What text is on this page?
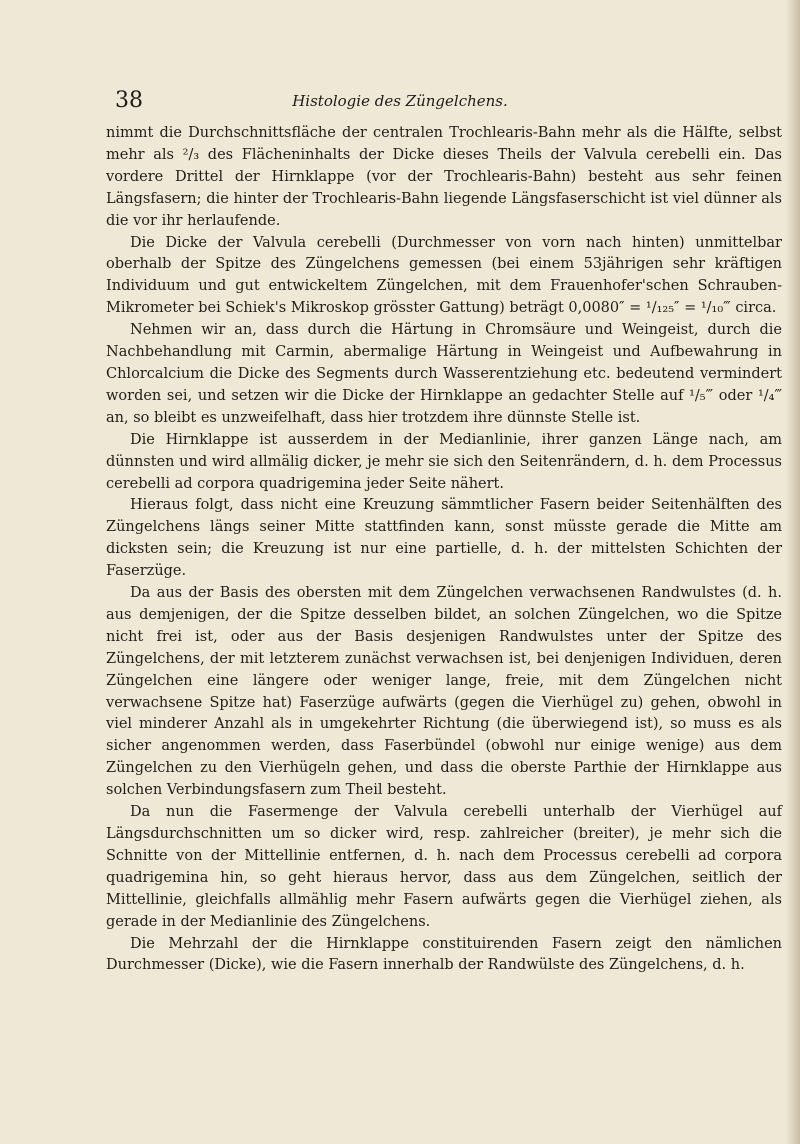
38	Histologie des Züngelchens.

nimmt die Durchschnittsfläche der centralen Trochlearis-Bahn mehr als die Hälfte, selbst mehr als ²/₃ des Flächeninhalts der Dicke dieses Theils der Valvula cerebelli ein. Das vordere Drittel der Hirnklappe (vor der Trochlearis-Bahn) besteht aus sehr feinen Längsfasern; die hinter der Trochlearis-Bahn liegende Längsfaserschicht ist viel dünner als die vor ihr herlaufende.

Die Dicke der Valvula cerebelli (Durchmesser von vorn nach hinten) unmittelbar oberhalb der Spitze des Züngelchens gemessen (bei einem 53jährigen sehr kräftigen Individuum und gut entwickeltem Züngelchen, mit dem Frauenhofer'schen Schrauben-Mikrometer bei Schiek's Mikroskop grösster Gattung) beträgt 0,0080″ = ¹/₁₂₅″ = ¹/₁₀‴ circa.

Nehmen wir an, dass durch die Härtung in Chromsäure und Weingeist, durch die Nachbehandlung mit Carmin, abermalige Härtung in Weingeist und Aufbewahrung in Chlorcalcium die Dicke des Segments durch Wasserentziehung etc. bedeutend vermindert worden sei, und setzen wir die Dicke der Hirnklappe an gedachter Stelle auf ¹/₅‴ oder ¹/₄‴ an, so bleibt es unzweifelhaft, dass hier trotzdem ihre dünnste Stelle ist.

Die Hirnklappe ist ausserdem in der Medianlinie, ihrer ganzen Länge nach, am dünnsten und wird allmälig dicker, je mehr sie sich den Seitenrändern, d. h. dem Processus cerebelli ad corpora quadrigemina jeder Seite nähert.

Hieraus folgt, dass nicht eine Kreuzung sämmtlicher Fasern beider Seitenhälften des Züngelchens längs seiner Mitte stattfinden kann, sonst müsste gerade die Mitte am dicksten sein; die Kreuzung ist nur eine partielle, d. h. der mittelsten Schichten der Faserzüge.

Da aus der Basis des obersten mit dem Züngelchen verwachsenen Randwulstes (d. h. aus demjenigen, der die Spitze desselben bildet, an solchen Züngelchen, wo die Spitze nicht frei ist, oder aus der Basis desjenigen Randwulstes unter der Spitze des Züngelchens, der mit letzterem zunächst verwachsen ist, bei denjenigen Individuen, deren Züngelchen eine längere oder weniger lange, freie, mit dem Züngelchen nicht verwachsene Spitze hat) Faserzüge aufwärts (gegen die Vierhügel zu) gehen, obwohl in viel minderer Anzahl als in umgekehrter Richtung (die überwiegend ist), so muss es als sicher angenommen werden, dass Faserbündel (obwohl nur einige wenige) aus dem Züngelchen zu den Vierhügeln gehen, und dass die oberste Parthie der Hirnklappe aus solchen Verbindungsfasern zum Theil besteht.

Da nun die Fasermenge der Valvula cerebelli unterhalb der Vierhügel auf Längsdurchschnitten um so dicker wird, resp. zahlreicher (breiter), je mehr sich die Schnitte von der Mittellinie entfernen, d. h. nach dem Processus cerebelli ad corpora quadrigemina hin, so geht hieraus hervor, dass aus dem Züngelchen, seitlich der Mittellinie, gleichfalls allmählig mehr Fasern aufwärts gegen die Vierhügel ziehen, als gerade in der Medianlinie des Züngelchens.

Die Mehrzahl der die Hirnklappe constituirenden Fasern zeigt den nämlichen Durchmesser (Dicke), wie die Fasern innerhalb der Randwülste des Züngelchens, d. h.
